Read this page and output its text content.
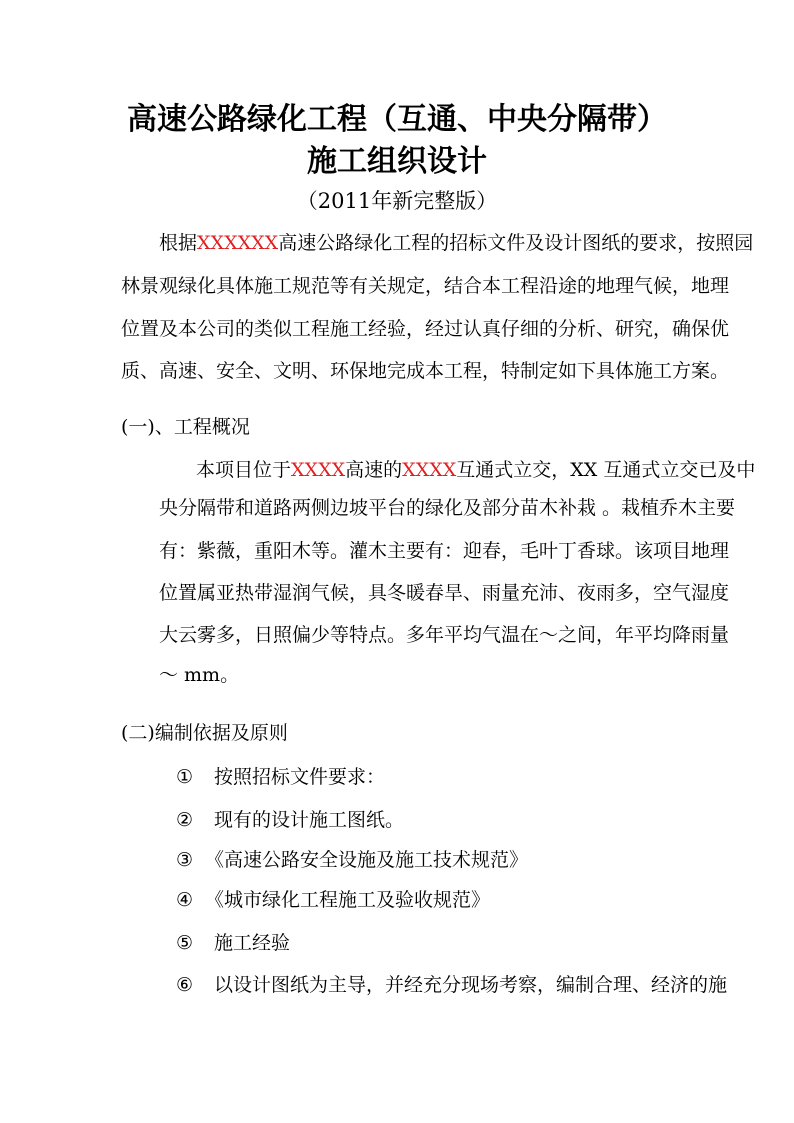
高速公路绿化工程（互通、中央分隔带）
施工组织设计
（2011年新完整版）
根据XXXXXX高速公路绿化工程的招标文件及设计图纸的要求，按照园
林景观绿化具体施工规范等有关规定，结合本工程沿途的地理气候，地理
位置及本公司的类似工程施工经验，经过认真仔细的分析、研究，确保优
质、高速、安全、文明、环保地完成本工程，特制定如下具体施工方案。
(一)、工程概况
本项目位于XXXX高速的XXXX互通式立交，XX 互通式立交已及中
央分隔带和道路两侧边坡平台的绿化及部分苗木补栽 。栽植乔木主要
有：紫薇，重阳木等。灌木主要有：迎春，毛叶丁香球。该项目地理
位置属亚热带湿润气候，具冬暖春旱、雨量充沛、夜雨多，空气湿度
大云雾多，日照偏少等特点。多年平均气温在～之间，年平均降雨量
～ mm。
(二)编制依据及原则
① 按照招标文件要求：
② 现有的设计施工图纸。
③ 《高速公路安全设施及施工技术规范》
④ 《城市绿化工程施工及验收规范》
⑤ 施工经验
⑥ 以设计图纸为主导，并经充分现场考察，编制合理、经济的施
